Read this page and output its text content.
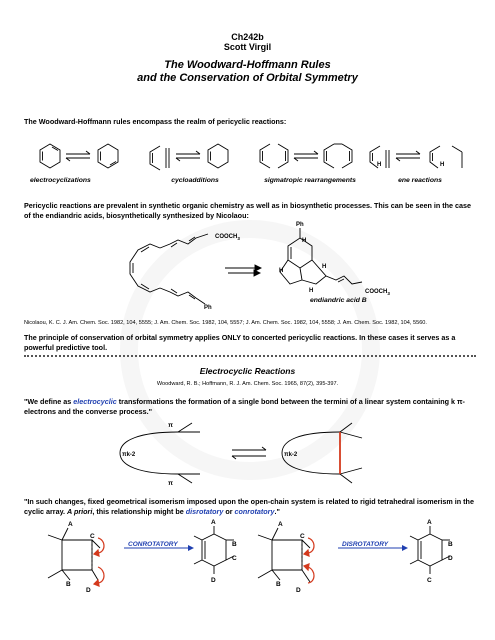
Ch242b
Scott Virgil
The Woodward-Hoffmann Rules
and the Conservation of Orbital Symmetry
The Woodward-Hoffmann rules encompass the realm of pericyclic reactions:
H	H
electrocyclizations	cycloadditions	sigmatropic rearrangements	ene reactions
Pericyclic reactions are prevalent in synthetic organic chemistry as well as in biosynthetic processes. This can be seen in the case of the endiandric acids, biosynthetically synthesized by Nicolaou:
$COOCH_3$
Ph
Ph
H
H
H
H	$COOCH_3$
endiandric acid B
Nicolaou, K. C. J. Am. Chem. Soc. 1982, 104, 5555; J. Am. Chem. Soc. 1982, 104, 5557; J. Am. Chem. Soc. 1982, 104, 5558; J. Am. Chem. Soc. 1982, 104, 5560.
The principle of conservation of orbital symmetry applies ONLY to concerted pericyclic reactions. In these cases it serves as a powerful predictive tool.
Electrocyclic Reactions
Woodward, R. B.; Hoffmann, R. J. Am. Chem. Soc. 1965, 87(2), 395-397.
"We define as electrocyclic transformations the formation of a single bond between the termini of a linear system containing k π-electrons and the converse process."
π
π
πk-2	πk-2
"In such changes, fixed geometrical isomerism imposed upon the open-chain system is related to rigid tetrahedral isomerism in the cyclic array. A priori, this relationship might be disrotatory or conrotatory."
A
C
B
D
A
B
C
D
A
C
B
D
A
B
D
C
CONROTATORY	DISROTATORY
